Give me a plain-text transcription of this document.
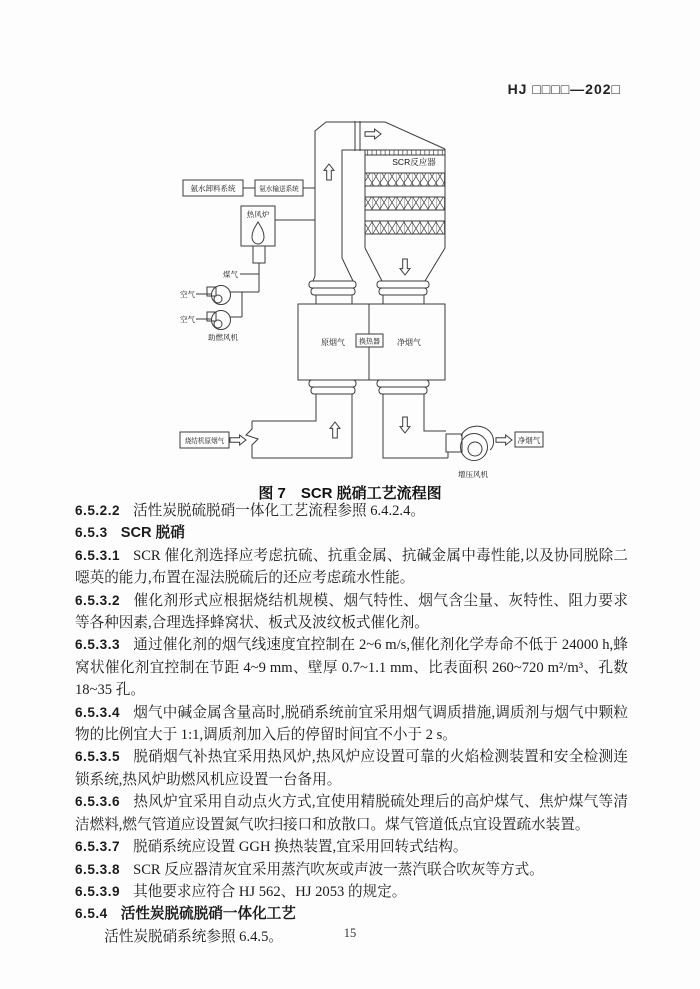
HJ □□□□—202□
SCR反应器
原烟气 换热器 净烟气
氨水卸料系统	氨水输送系统
热风炉
煤气
空气
空气
助燃风机
烧结机原烟气
增压风机
净烟气
图 7　SCR 脱硝工艺流程图

6.5.2.2 活性炭脱硫脱硝一体化工艺流程参照 6.4.2.4。

6.5.3 SCR 脱硝

6.5.3.1 SCR 催化剂选择应考虑抗硫、抗重金属、抗碱金属中毒性能,以及协同脱除二噁英的能力,布置在湿法脱硫后的还应考虑疏水性能。

6.5.3.2 催化剂形式应根据烧结机规模、烟气特性、烟气含尘量、灰特性、阻力要求等各种因素,合理选择蜂窝状、板式及波纹板式催化剂。

6.5.3.3 通过催化剂的烟气线速度宜控制在 2~6 m/s,催化剂化学寿命不低于 24000 h,蜂窝状催化剂宜控制在节距 4~9 mm、壁厚 0.7~1.1 mm、比表面积 260~720 m²/m³、孔数 18~35 孔。

6.5.3.4 烟气中碱金属含量高时,脱硝系统前宜采用烟气调质措施,调质剂与烟气中颗粒物的比例宜大于 1:1,调质剂加入后的停留时间宜不小于 2 s。

6.5.3.5 脱硝烟气补热宜采用热风炉,热风炉应设置可靠的火焰检测装置和安全检测连锁系统,热风炉助燃风机应设置一台备用。

6.5.3.6 热风炉宜采用自动点火方式,宜使用精脱硫处理后的高炉煤气、焦炉煤气等清洁燃料,燃气管道应设置氮气吹扫接口和放散口。煤气管道低点宜设置疏水装置。

6.5.3.7 脱硝系统应设置 GGH 换热装置,宜采用回转式结构。

6.5.3.8 SCR 反应器清灰宜采用蒸汽吹灰或声波一蒸汽联合吹灰等方式。

6.5.3.9 其他要求应符合 HJ 562、HJ 2053 的规定。

6.5.4 活性炭脱硫脱硝一体化工艺

活性炭脱硝系统参照 6.4.5。	15
